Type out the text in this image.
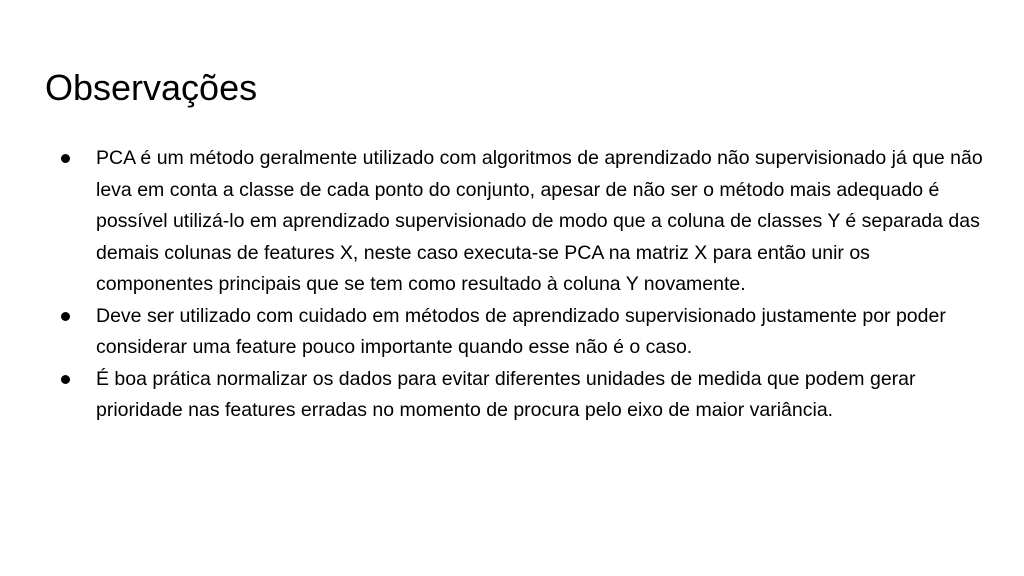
Observações
PCA é um método geralmente utilizado com algoritmos de aprendizado não supervisionado já que não leva em conta a classe de cada ponto do conjunto, apesar de não ser o método mais adequado é possível utilizá-lo em aprendizado supervisionado de modo que a coluna de classes Y é separada das demais colunas de features X, neste caso executa-se PCA na matriz X para então unir os componentes principais que se tem como resultado à coluna Y novamente.
Deve ser utilizado com cuidado em métodos de aprendizado supervisionado justamente por poder considerar uma feature pouco importante quando esse não é o caso.
É boa prática normalizar os dados para evitar diferentes unidades de medida que podem gerar prioridade nas features erradas no momento de procura pelo eixo de maior variância.
